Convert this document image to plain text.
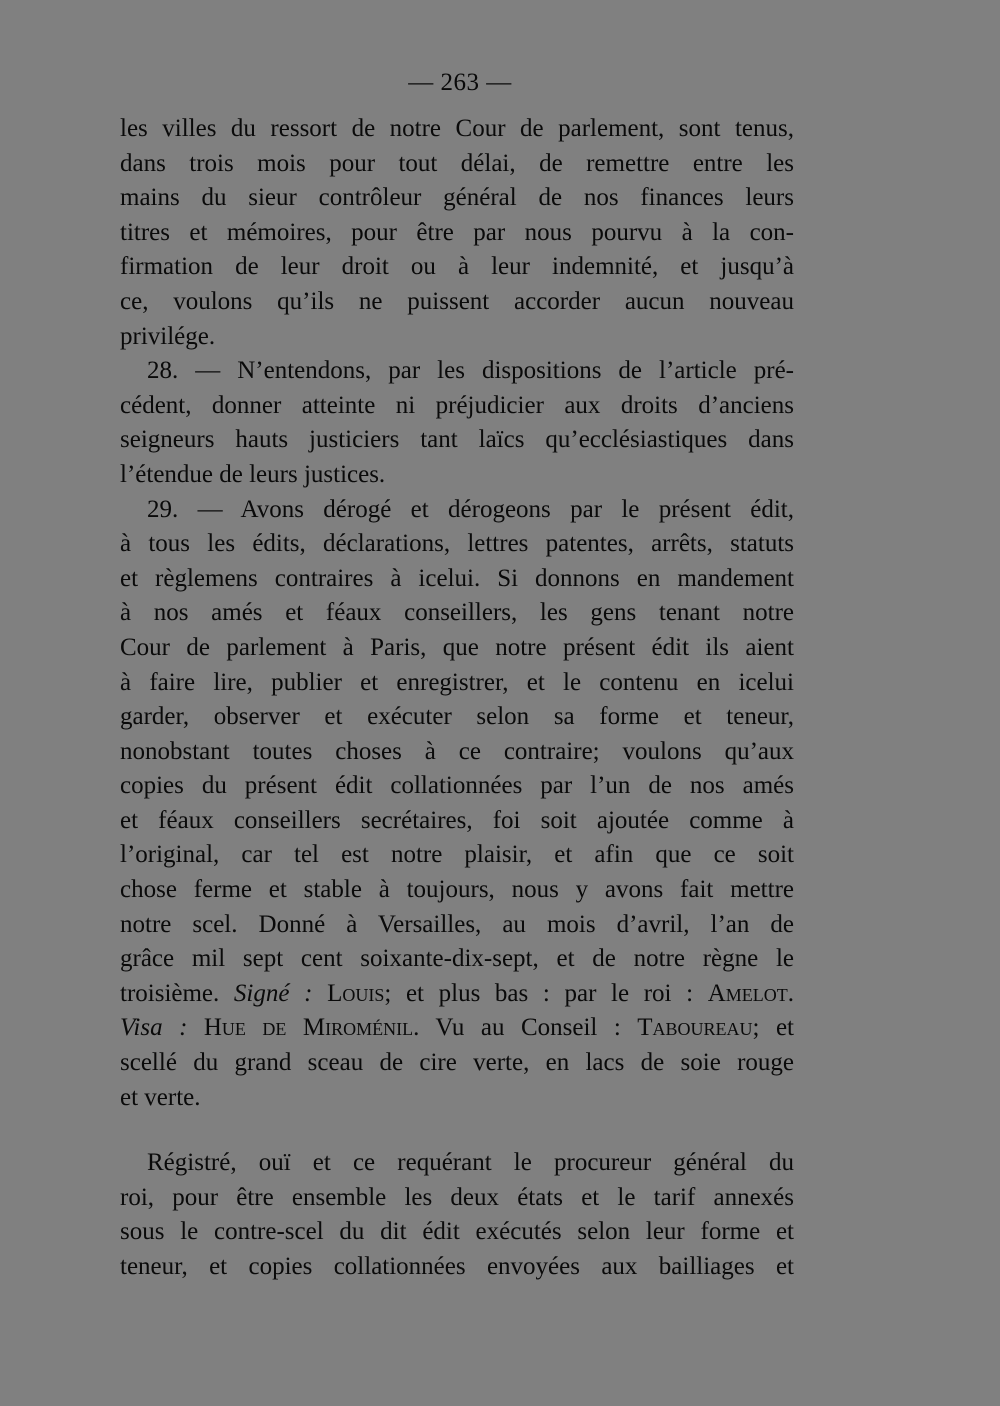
— 263 —
les villes du ressort de notre Cour de parlement, sont tenus,
dans trois mois pour tout délai, de remettre entre les
mains du sieur contrôleur général de nos finances leurs
titres et mémoires, pour être par nous pourvu à la con-
firmation de leur droit ou à leur indemnité, et jusqu’à
ce, voulons qu’ils ne puissent accorder aucun nouveau
privilége.
28. — N’entendons, par les dispositions de l’article pré-
cédent, donner atteinte ni préjudicier aux droits d’anciens
seigneurs hauts justiciers tant laïcs qu’ecclésiastiques dans
l’étendue de leurs justices.
29. — Avons dérogé et dérogeons par le présent édit,
à tous les édits, déclarations, lettres patentes, arrêts, statuts
et règlemens contraires à icelui. Si donnons en mandement
à nos amés et féaux conseillers, les gens tenant notre
Cour de parlement à Paris, que notre présent édit ils aient
à faire lire, publier et enregistrer, et le contenu en icelui
garder, observer et exécuter selon sa forme et teneur,
nonobstant toutes choses à ce contraire; voulons qu’aux
copies du présent édit collationnées par l’un de nos amés
et féaux conseillers secrétaires, foi soit ajoutée comme à
l’original, car tel est notre plaisir, et afin que ce soit
chose ferme et stable à toujours, nous y avons fait mettre
notre scel. Donné à Versailles, au mois d’avril, l’an de
grâce mil sept cent soixante-dix-sept, et de notre règne le
troisième. Signé : Louis; et plus bas : par le roi : Amelot.
Visa : Hue de Miroménil. Vu au Conseil : Taboureau; et
scellé du grand sceau de cire verte, en lacs de soie rouge
et verte.
Régistré, ouï et ce requérant le procureur général du
roi, pour être ensemble les deux états et le tarif annexés
sous le contre-scel du dit édit exécutés selon leur forme et
teneur, et copies collationnées envoyées aux bailliages et
